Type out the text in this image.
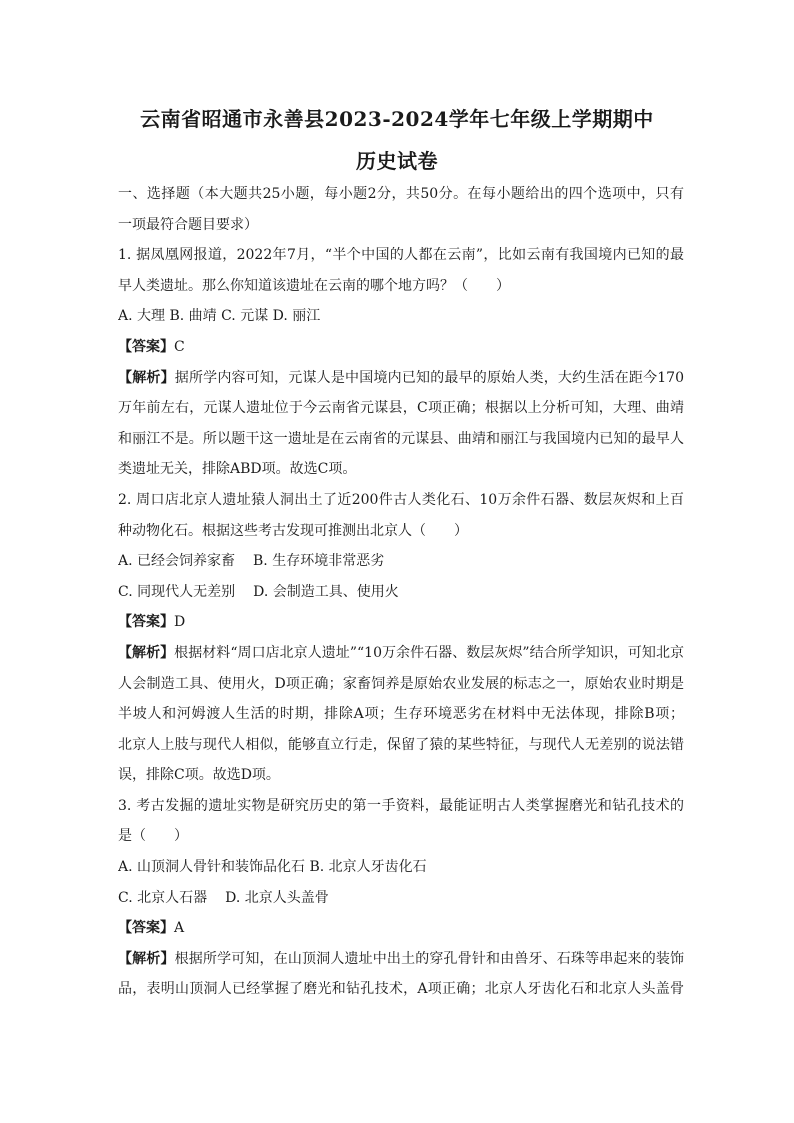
云南省昭通市永善县2023-2024学年七年级上学期期中
历史试卷
一、选择题（本大题共25小题，每小题2分，共50分。在每小题给出的四个选项中，只有
一项最符合题目要求）
1. 据凤凰网报道，2022年7月，“半个中国的人都在云南”，比如云南有我国境内已知的最
早人类遗址。那么你知道该遗址在云南的哪个地方吗？（　　）
A. 大理 B. 曲靖 C. 元谋 D. 丽江
【答案】C
【解析】据所学内容可知，元谋人是中国境内已知的最早的原始人类，大约生活在距今170
万年前左右，元谋人遗址位于今云南省元谋县，C项正确；根据以上分析可知，大理、曲靖
和丽江不是。所以题干这一遗址是在云南省的元谋县、曲靖和丽江与我国境内已知的最早人
类遗址无关，排除ABD项。故选C项。
2. 周口店北京人遗址猿人洞出土了近200件古人类化石、10万余件石器、数层灰烬和上百
种动物化石。根据这些考古发现可推测出北京人（　　）
A. 已经会饲养家畜 B. 生存环境非常恶劣
C. 同现代人无差别 D. 会制造工具、使用火
【答案】D
【解析】根据材料“周口店北京人遗址”“10万余件石器、数层灰烬”结合所学知识，可知北京
人会制造工具、使用火，D项正确；家畜饲养是原始农业发展的标志之一，原始农业时期是
半坡人和河姆渡人生活的时期，排除A项；生存环境恶劣在材料中无法体现，排除B项；
北京人上肢与现代人相似，能够直立行走，保留了猿的某些特征，与现代人无差别的说法错
误，排除C项。故选D项。
3. 考古发掘的遗址实物是研究历史的第一手资料，最能证明古人类掌握磨光和钻孔技术的
是（　　）
A. 山顶洞人骨针和装饰品化石 B. 北京人牙齿化石
C. 北京人石器 D. 北京人头盖骨
【答案】A
【解析】根据所学可知，在山顶洞人遗址中出土的穿孔骨针和由兽牙、石珠等串起来的装饰
品，表明山顶洞人已经掌握了磨光和钻孔技术，A项正确；北京人牙齿化石和北京人头盖骨
